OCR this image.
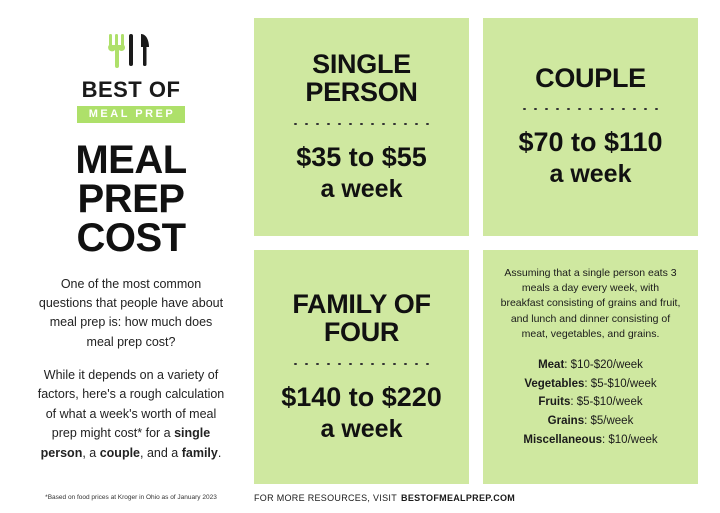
BEST OF
MEAL PREP
MEAL PREP COST

One of the most common questions that people have about meal prep is: how much does meal prep cost?

While it depends on a variety of factors, here's a rough calculation of what a week's worth of meal prep might cost* for a single person, a couple, and a family.

*Based on food prices at Kroger in Ohio as of January 2023
SINGLE PERSON
$35 to $55
a week
COUPLE
$70 to $110
a week
FAMILY OF FOUR
$140 to $220
a week
Assuming that a single person eats 3 meals a day every week, with breakfast consisting of grains and fruit, and lunch and dinner consisting of meat, vegetables, and grains.
Meat: $10-$20/week
Vegetables: $5-$10/week
Fruits: $5-$10/week
Grains: $5/week
Miscellaneous: $10/week
FOR MORE RESOURCES, VISIT BESTOFMEALPREP.COM
